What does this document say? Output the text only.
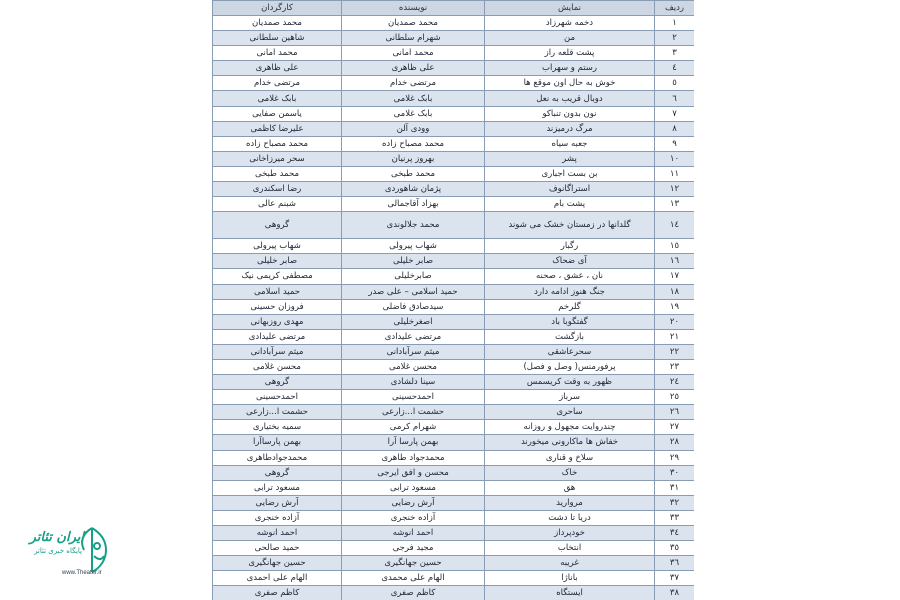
ردیف	نمایش	نویسنده	کارگردان
۱	دخمه شهرزاد	محمد صمدیان	محمد صمدیان
۲	من	شهرام سلطانی	شاهین سلطانی
۳	پشت قلعه راز	محمد امانی	محمد امانی
٤	رستم و سهراب	علی ظاهری	علی ظاهری
٥	خوش به حال اون موقع ها	مرتضی خدام	مرتضی خدام
٦	دوبال قریب به نعل	بابک غلامی	بابک غلامی
٧	نون بدون تنباکو	بابک غلامی	یاسمن صفایی
٨	مرگ درمیزند	وودی آلن	علیرضا کاظمی
٩	جعبه سیاه	محمد مصباح زاده	محمد مصباح زاده
١٠	پشر	بهروز پرنیان	سحر میرزاخانی
١١	بن بست اجباری	محمد طبخی	محمد طبخی
١٢	استراگانوف	پژمان شاهوردی	رضا اسکندری
١٣	پشت بام	بهزاد آقاجمالی	شبنم عالی
١٤	گلدانها در زمستان خشک می شوند	محمد جلالوندی	گروهی
١٥	رگبار	شهاب پیرولی	شهاب پیرولی
١٦	آی ضحاک	صابر خلیلی	صابر خلیلی
١٧	نان ، عشق ، صحنه	صابرخلیلی	مصطفی کریمی نیک
١٨	جنگ هنوز ادامه دارد	حمید اسلامی – علی صدر	حمید اسلامی
١٩	گلرخم	سیدصادق فاضلی	فروزان حسینی
٢٠	گفتگوبا باد	اصغرخلیلی	مهدی روزبهانی
٢١	بازگشت	مرتضی علیدادی	مرتضی علیدادی
٢٢	سحرعاشقی	میثم سرآبادانی	میثم سرآبادانی
٢٣	پرفورمنس( وصل و فصل)	محسن غلامی	محسن غلامی
٢٤	ظهور به وقت کریسمس	سینا دلشادی	گروهی
٢٥	سرباز	احمدحسینی	احمدحسینی
٢٦	ساحری	حشمت ا...زارعی	حشمت ا...زارعی
٢٧	چندروایت مجهول و روزانه	شهرام کرمی	سمیه بختیاری
٢٨	خفاش ها ماکارونی میخورند	بهمن پارسا آرا	بهمن پارساآرا
٢٩	سلاخ و قناری	محمدجواد طاهری	محمدجوادطاهری
٣٠	خاک	محسن و افق ایرجی	گروهی
٣١	هق	مسعود ترابی	مسعود ترابی
٣٢	مروارید	آرش رضایی	آرش رضایی
٣٣	دریا تا دشت	آزاده خنجری	آزاده خنجری
٣٤	خودپرداز	احمد انوشه	احمد انوشه
٣٥	انتخاب	مجید فرجی	حمید صالحی
٣٦	غریبه	حسین جهانگیری	حسین جهانگیری
٣٧	باناژا	الهام علی محمدی	الهام علی احمدی
٣٨	ایستگاه	کاظم صفری	کاظم صفری
ایران تئاتر
پایگاه خبری تئاتر
www.Theater.ir
